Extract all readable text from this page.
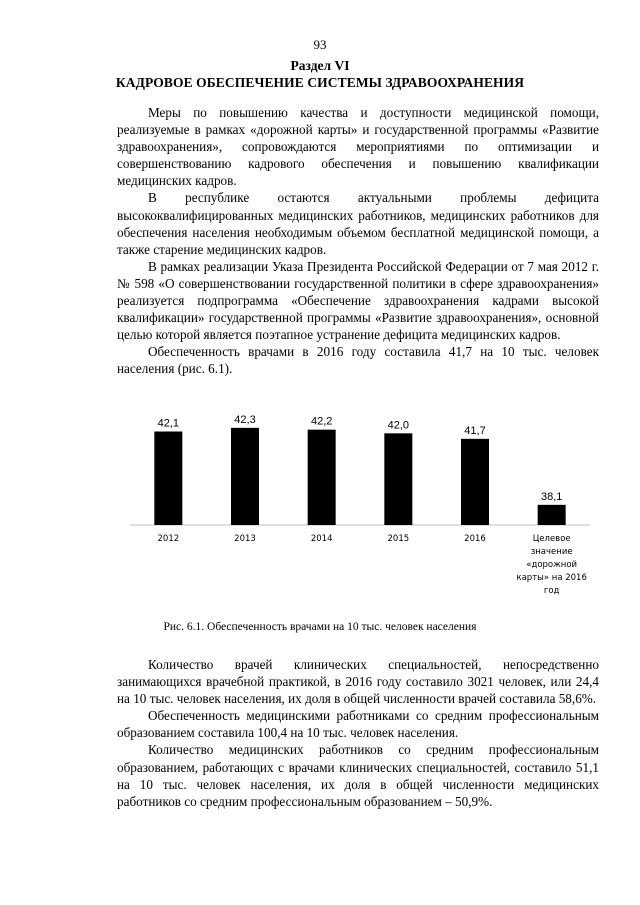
93
Раздел VI
КАДРОВОЕ ОБЕСПЕЧЕНИЕ СИСТЕМЫ ЗДРАВООХРАНЕНИЯ

Меры по повышению качества и доступности медицинской помощи, реализуемые в рамках «дорожной карты» и государственной программы «Развитие здравоохранения», сопровождаются мероприятиями по оптимизации и совершенствованию кадрового обеспечения и повышению квалификации медицинских кадров.

В республике остаются актуальными проблемы дефицита высококвалифицированных медицинских работников, медицинских работников для обеспечения населения необходимым объемом бесплатной медицинской помощи, а также старение медицинских кадров.

В рамках реализации Указа Президента Российской Федерации от 7 мая 2012 г. № 598 «О совершенствовании государственной политики в сфере здравоохранения» реализуется подпрограмма «Обеспечение здравоохранения кадрами высокой квалификации» государственной программы «Развитие здравоохранения», основной целью которой является поэтапное устранение дефицита медицинских кадров.

Обеспеченность врачами в 2016 году составила 41,7 на 10 тыс. человек населения (рис. 6.1).

42,1
2012
42,3
2013
42,2
2014
42,0
2015
41,7
2016
38,1
Целевое значение «дорожной карты» на 2016 год
Рис. 6.1. Обеспеченность врачами на 10 тыс. человек населения

Количество врачей клинических специальностей, непосредственно занимающихся врачебной практикой, в 2016 году составило 3021 человек, или 24,4 на 10 тыс. человек населения, их доля в общей численности врачей составила 58,6%.

Обеспеченность медицинскими работниками со средним профессиональным образованием составила 100,4 на 10 тыс. человек населения.

Количество медицинских работников со средним профессиональным образованием, работающих с врачами клинических специальностей, составило 51,1 на 10 тыс. человек населения, их доля в общей численности медицинских работников со средним профессиональным образованием – 50,9%.
